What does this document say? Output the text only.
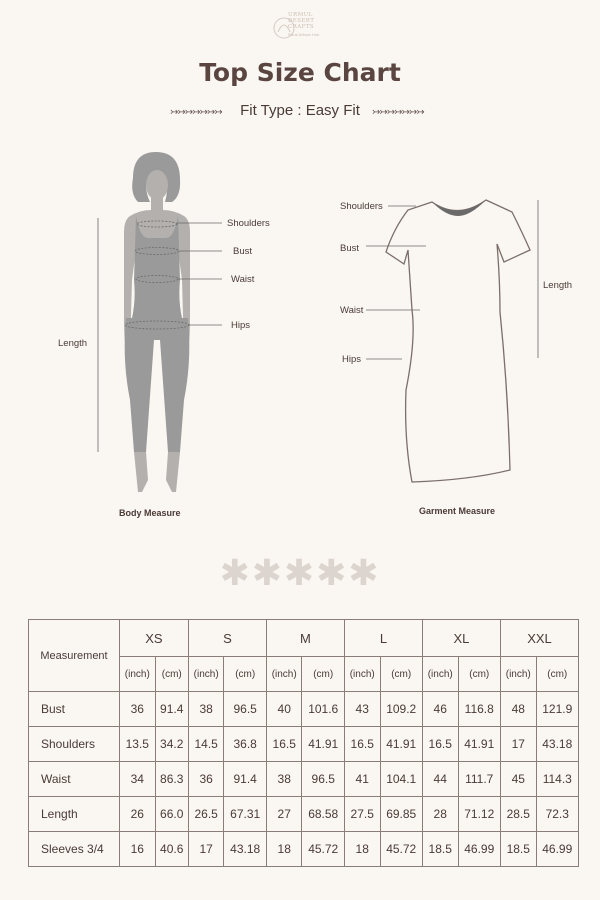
URMUL
DESERT
CRAFTS
Rural Artisan Hub
Top Size Chart
↣↣↣↣↣↣↣	Fit Type : Easy Fit	↣↣↣↣↣↣↣
Shoulders
Bust
Waist
Hips
Length
Body Measure
Shoulders
Bust
Waist
Hips
Length
Garment Measure
✱✱✱✱✱
Measurement	XS		S		M		L		XL		XXL	
	(inch)	(cm)	(inch)	(cm)	(inch)	(cm)	(inch)	(cm)	(inch)	(cm)	(inch)	(cm)
Bust	36	91.4	38	96.5	40	101.6	43	109.2	46	116.8	48	121.9
Shoulders	13.5	34.2	14.5	36.8	16.5	41.91	16.5	41.91	16.5	41.91	17	43.18
Waist	34	86.3	36	91.4	38	96.5	41	104.1	44	111.7	45	114.3
Length	26	66.0	26.5	67.31	27	68.58	27.5	69.85	28	71.12	28.5	72.3
Sleeves 3/4	16	40.6	17	43.18	18	45.72	18	45.72	18.5	46.99	18.5	46.99
